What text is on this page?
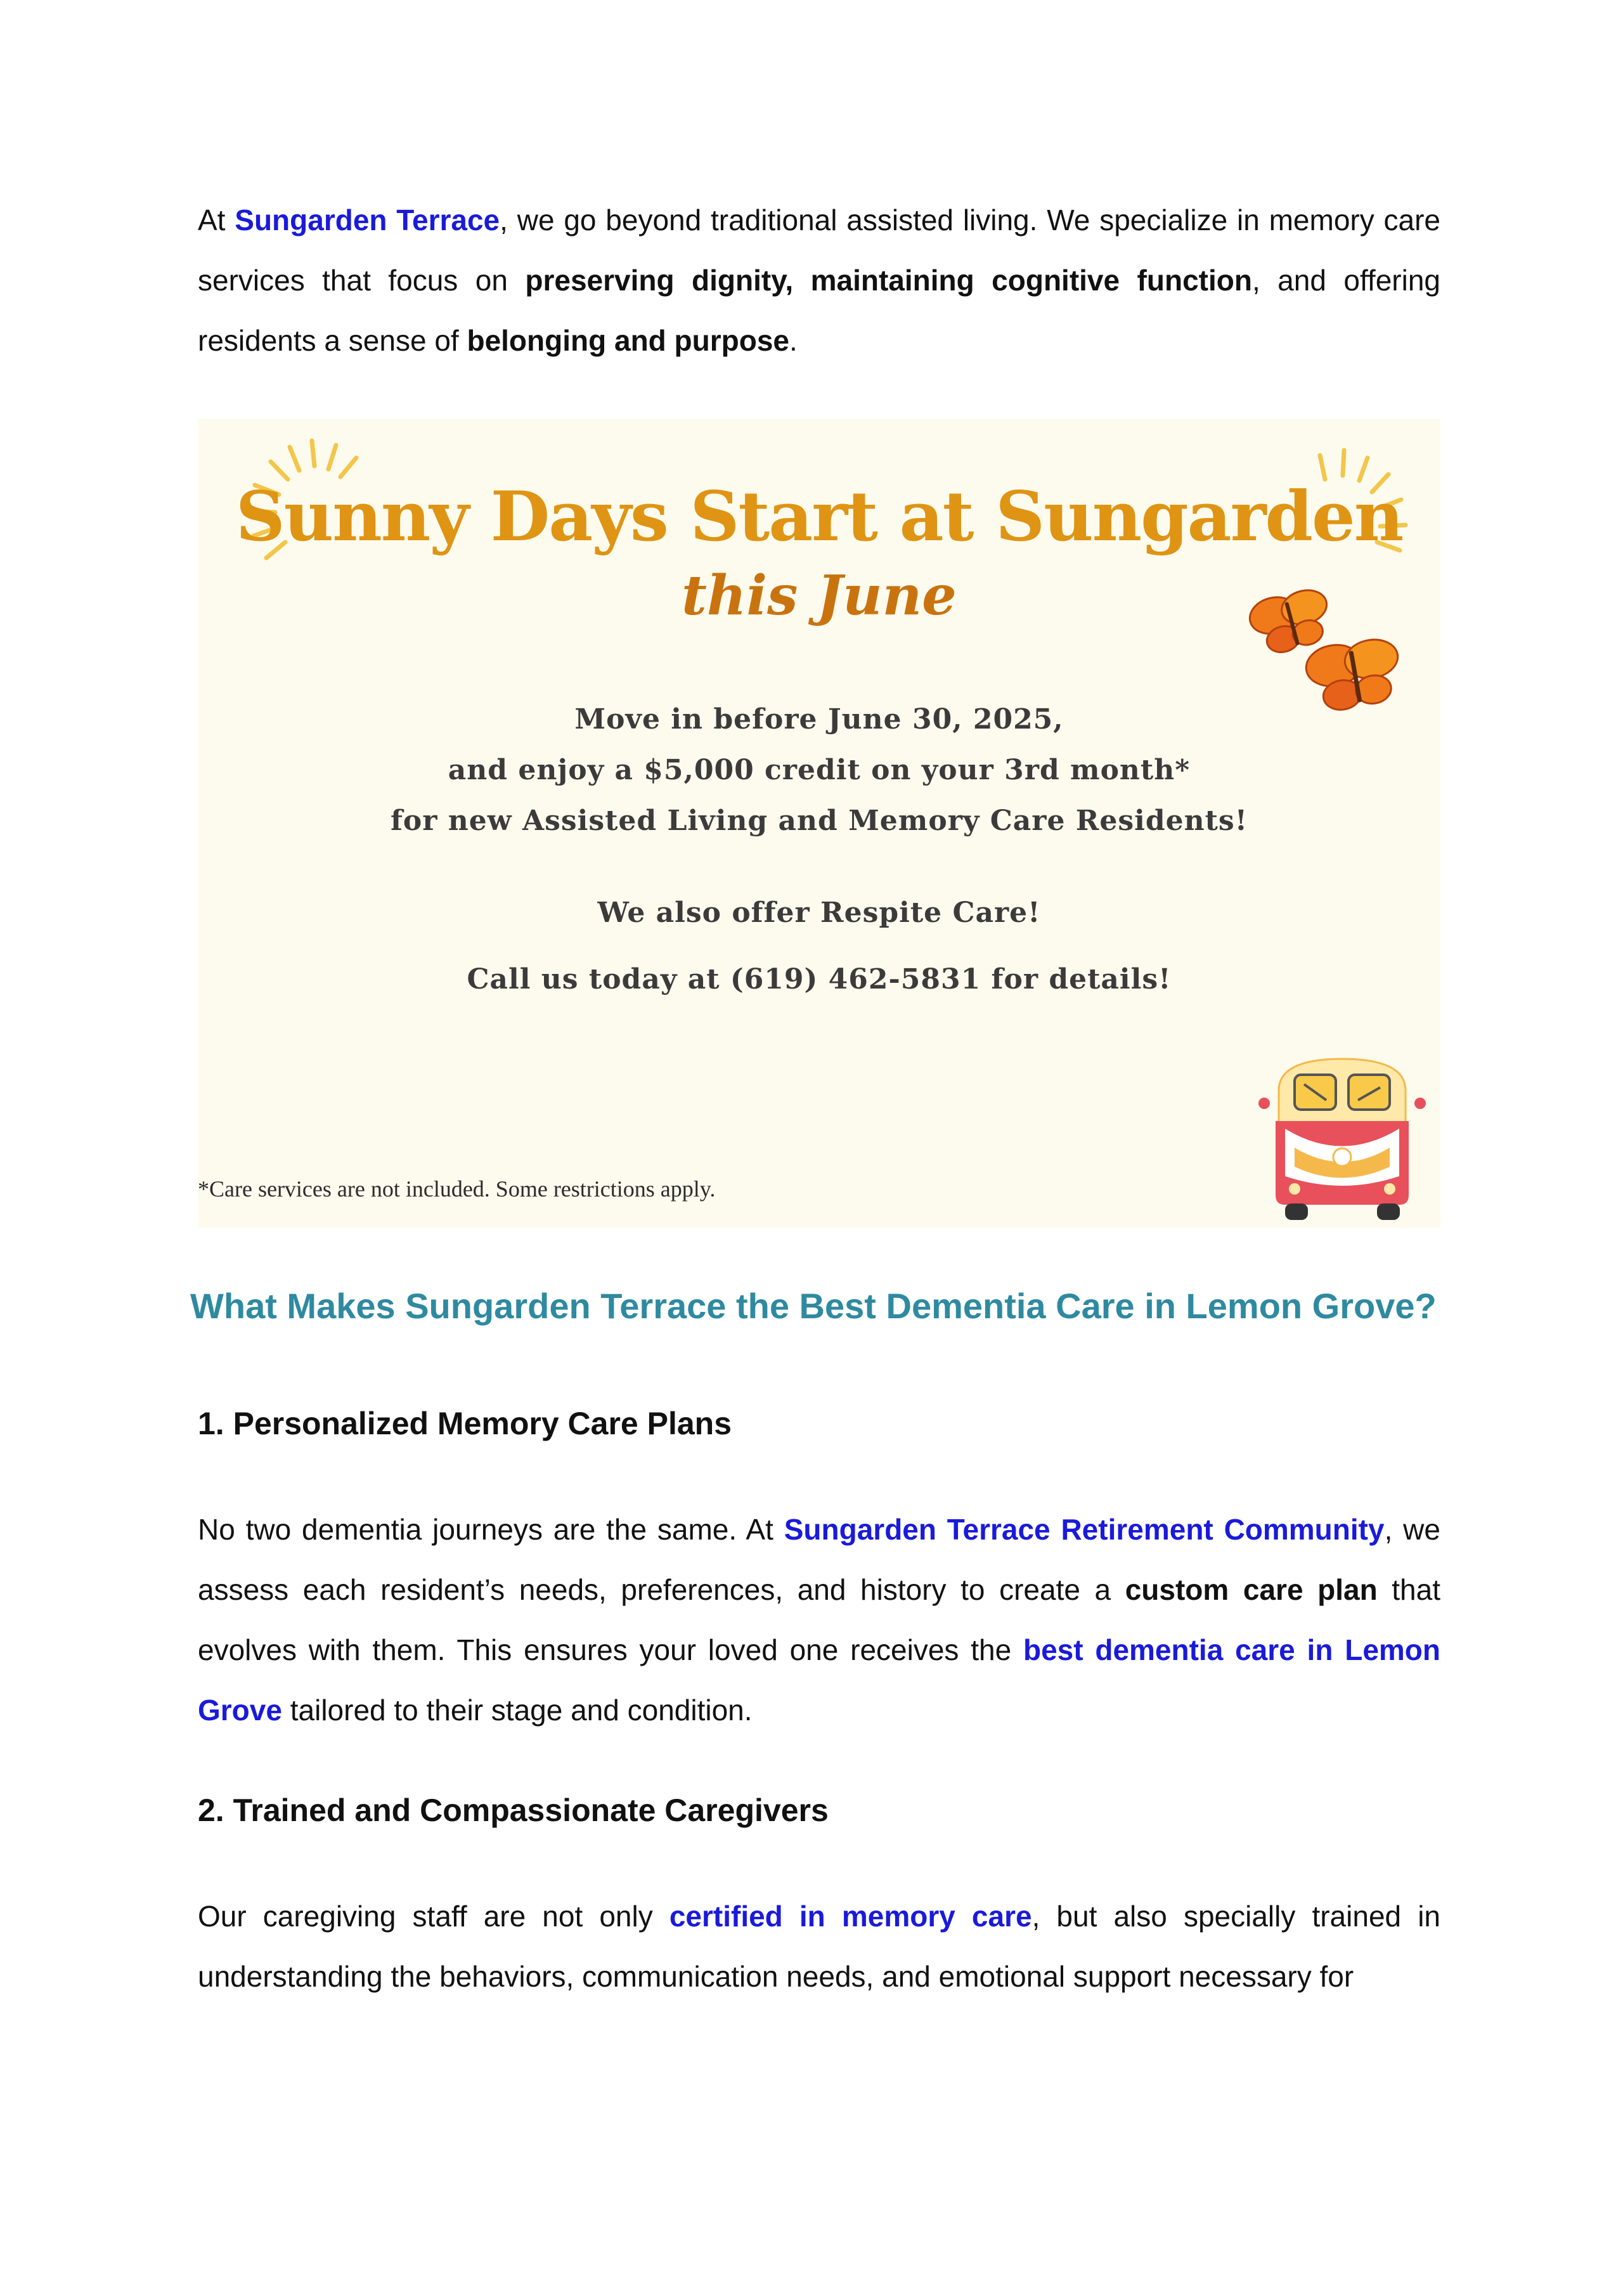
At Sungarden Terrace, we go beyond traditional assisted living. We specialize in memory care services that focus on preserving dignity, maintaining cognitive function, and offering residents a sense of belonging and purpose.

Sunny Days Start at Sungarden

this June

Move in before June 30, 2025,

and enjoy a $5,000 credit on your 3rd month*

for new Assisted Living and Memory Care Residents!

We also offer Respite Care!

Call us today at (619) 462-5831 for details!

*Care services are not included. Some restrictions apply.

What Makes Sungarden Terrace the Best Dementia Care in Lemon Grove?
1. Personalized Memory Care Plans

No two dementia journeys are the same. At Sungarden Terrace Retirement Community, we assess each resident’s needs, preferences, and history to create a custom care plan that evolves with them. This ensures your loved one receives the best dementia care in Lemon Grove tailored to their stage and condition.

2. Trained and Compassionate Caregivers

Our caregiving staff are not only certified in memory care, but also specially trained in understanding the behaviors, communication needs, and emotional support necessary for
